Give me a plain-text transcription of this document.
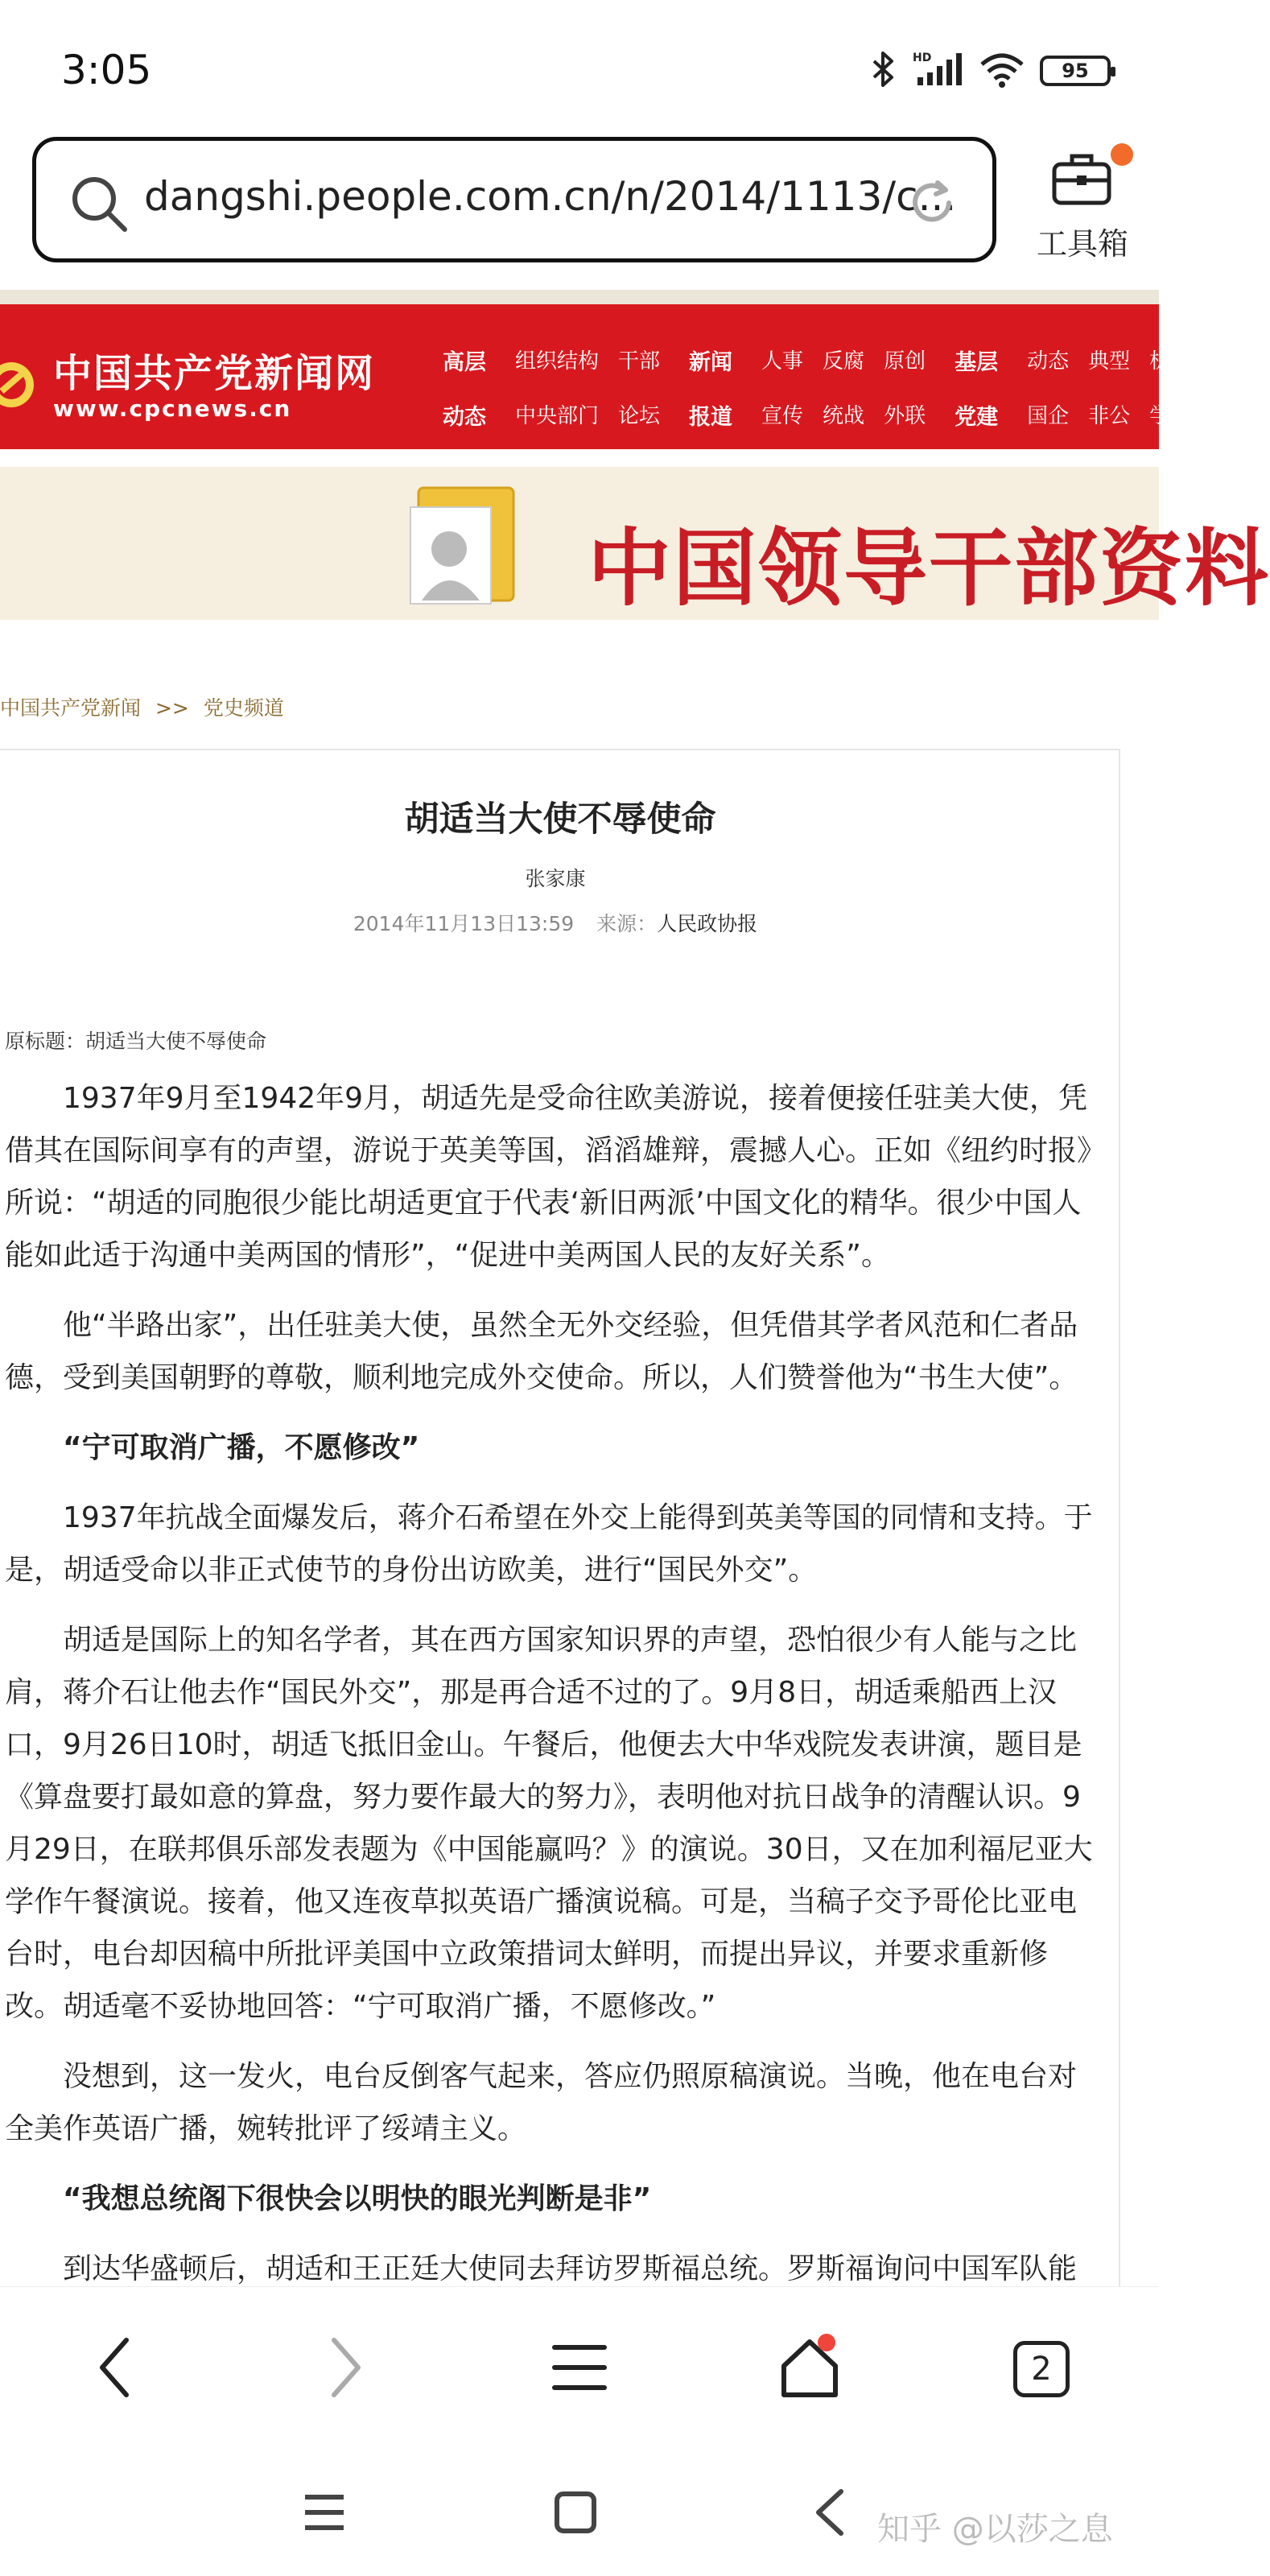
3:05	HD
95
dangshi.people.com.cn/n/2014/1113/c...
工具箱
中国共产党新闻网
www.cpcnews.cn
高层 组织结构 干部 新闻 人事 反腐 原创 基层 动态 典型 机关
动态 中央部门 论坛 报道 宣传 统战 外联 党建 国企 非公 学校
中国领导干部资料
中国共产党新闻 >> 党史频道
胡适当大使不辱使命
张家康
2014年11月13日13:59 来源：人民政协报
原标题：胡适当大使不辱使命

1937年9月至1942年9月，胡适先是受命往欧美游说，接着便接任驻美大使，凭借其在国际间享有的声望，游说于英美等国，滔滔雄辩，震撼人心。正如《纽约时报》所说：“胡适的同胞很少能比胡适更宜于代表‘新旧两派’中国文化的精华。很少中国人能如此适于沟通中美两国的情形”，“促进中美两国人民的友好关系”。

他“半路出家”，出任驻美大使，虽然全无外交经验，但凭借其学者风范和仁者品德，受到美国朝野的尊敬，顺利地完成外交使命。所以，人们赞誉他为“书生大使”。

“宁可取消广播，不愿修改”

1937年抗战全面爆发后，蒋介石希望在外交上能得到英美等国的同情和支持。于是，胡适受命以非正式使节的身份出访欧美，进行“国民外交”。

胡适是国际上的知名学者，其在西方国家知识界的声望，恐怕很少有人能与之比肩，蒋介石让他去作“国民外交”，那是再合适不过的了。9月8日，胡适乘船西上汉口，9月26日10时，胡适飞抵旧金山。午餐后，他便去大中华戏院发表讲演，题目是《算盘要打最如意的算盘，努力要作最大的努力》，表明他对抗日战争的清醒认识。9月29日，在联邦俱乐部发表题为《中国能赢吗？》的演说。30日，又在加利福尼亚大学作午餐演说。接着，他又连夜草拟英语广播演说稿。可是，当稿子交予哥伦比亚电台时，电台却因稿中所批评美国中立政策措词太鲜明，而提出异议，并要求重新修改。胡适毫不妥协地回答：“宁可取消广播，不愿修改。”

没想到，这一发火，电台反倒客气起来，答应仍照原稿演说。当晚，他在电台对全美作英语广播，婉转批评了绥靖主义。

“我想总统阁下很快会以明快的眼光判断是非”

到达华盛顿后，胡适和王正廷大使同去拜访罗斯福总统。罗斯福询问中国军队能

2
知乎 @以莎之息
